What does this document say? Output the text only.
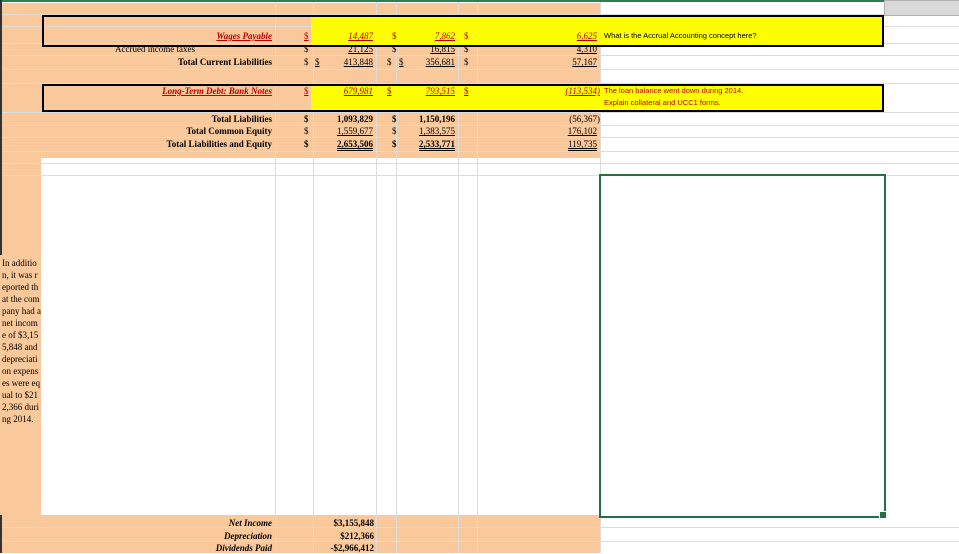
Wages Payable	$	14,487 $	7,862 $	6,625 What is the Accrual Accounting concept here?
Accrued income taxes	$	21,125 $	16,815 $	4,310
Total Current Liabilities	$ $	413,848 $ $	356,681 $	57,167
Long-Term Debt: Bank Notes	$	679,981 $	793,515 $	(113,534) The loan balance went down during 2014.
Explain collateral and UCC1 forms.
Total Liabilities	$	1,093,829 $	1,150,196	(56,367)
Total Common Equity	$	1,559,677 $	1,383,575	176,102
Total Liabilities and Equity	$	2,653,506 $	2,533,771	119,735
In addition, it was reported that the company had a net income of $3,155,848 and depreciation expenses were equal to $212,366 during 2014.
Net Income	$3,155,848
Depreciation	$212,366
Dividends Paid	-$2,966,412
